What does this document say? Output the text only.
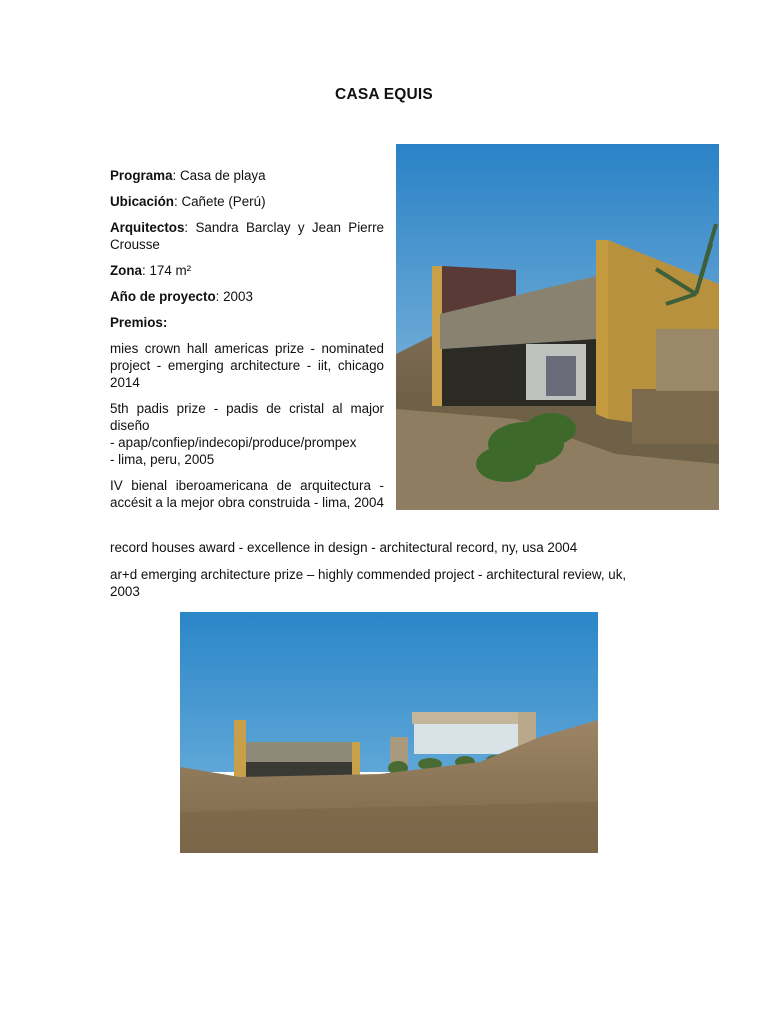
CASA EQUIS

Programa: Casa de playa

Ubicación: Cañete (Perú)

Arquitectos: Sandra Barclay y Jean Pierre Crousse

Zona: 174 m²

Año de proyecto: 2003

Premios:

mies crown hall americas prize - nominated project - emerging architecture - iit, chicago 2014

5th padis prize - padis de cristal al major diseño

- apap/confiep/indecopi/produce/prompex

- lima, peru, 2005

IV bienal iberoamericana de arquitectura - accésit a la mejor obra construida - lima, 2004

record houses award - excellence in design - architectural record, ny, usa 2004

ar+d emerging architecture prize – highly commended project - architectural review, uk, 2003
